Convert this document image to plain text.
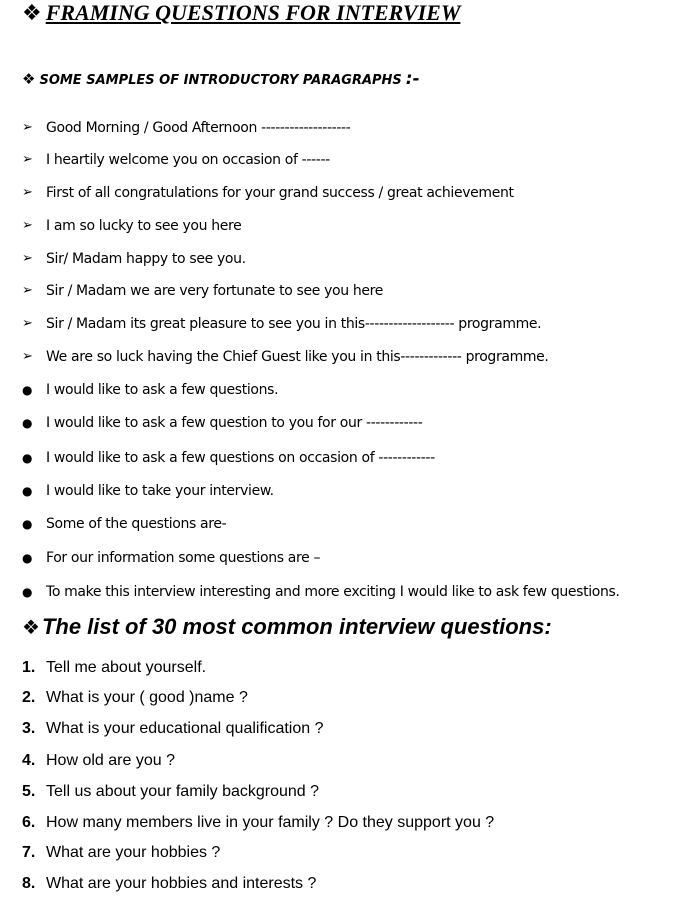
❖ FRAMING QUESTIONS FOR INTERVIEW
❖ SOME SAMPLES OF INTRODUCTORY PARAGRAPHS :-
➢ Good Morning / Good Afternoon -------------------
➢ I heartily welcome you on occasion of ------
➢ First of all congratulations for your grand success / great achievement
➢ I am so lucky to see you here
➢ Sir/ Madam happy to see you.
➢ Sir / Madam we are very fortunate to see you here
➢ Sir / Madam its great pleasure to see you in this------------------- programme.
➢ We are so luck having the Chief Guest like you in this------------- programme.
● I would like to ask a few questions.
● I would like to ask a few question to you for our ------------
● I would like to ask a few questions on occasion of ------------
● I would like to take your interview.
● Some of the questions are-
● For our information some questions are –
● To make this interview interesting and more exciting I would like to ask few questions.
❖The list of 30 most common interview questions:
1. Tell me about yourself.
2. What is your ( good )name ?
3. What is your educational qualification ?
4. How old are you ?
5. Tell us about your family background ?
6. How many members live in your family ? Do they support you ?
7. What are your hobbies ?
8. What are your hobbies and interests ?
